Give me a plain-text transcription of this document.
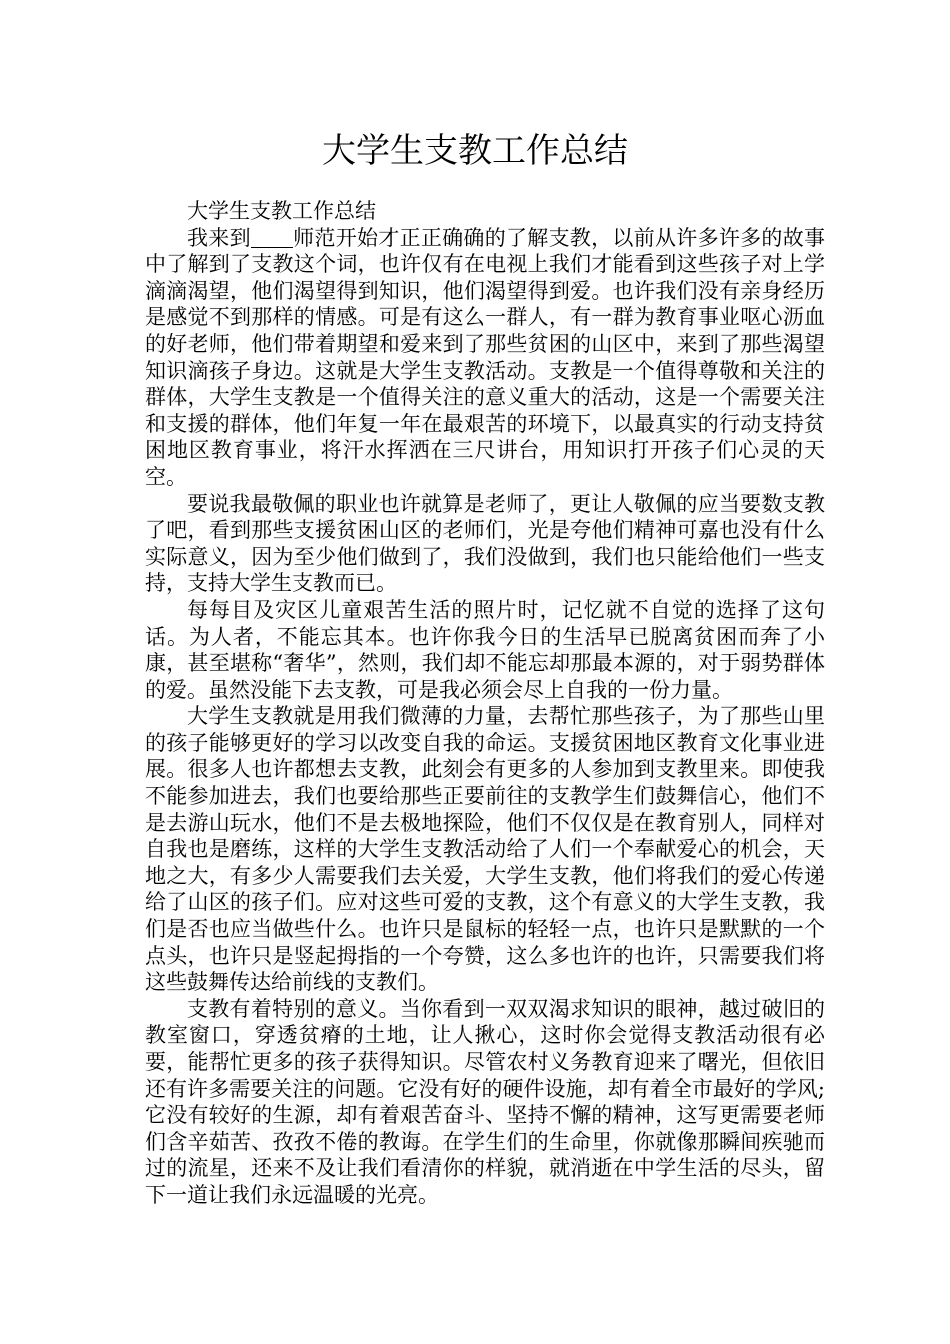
大学生支教工作总结

大学生支教工作总结

我来到 师范开始才正正确确的了解支教，以前从许多许多的故事中了解到了支教这个词，也许仅有在电视上我们才能看到这些孩子对上学滴滴渴望，他们渴望得到知识，他们渴望得到爱。也许我们没有亲身经历是感觉不到那样的情感。可是有这么一群人，有一群为教育事业呕心沥血的好老师，他们带着期望和爱来到了那些贫困的山区中，来到了那些渴望知识滴孩子身边。这就是大学生支教活动。支教是一个值得尊敬和关注的群体，大学生支教是一个值得关注的意义重大的活动，这是一个需要关注和支援的群体，他们年复一年在最艰苦的环境下，以最真实的行动支持贫困地区教育事业，将汗水挥洒在三尺讲台，用知识打开孩子们心灵的天空。

要说我最敬佩的职业也许就算是老师了，更让人敬佩的应当要数支教了吧，看到那些支援贫困山区的老师们，光是夸他们精神可嘉也没有什么实际意义，因为至少他们做到了，我们没做到，我们也只能给他们一些支持，支持大学生支教而已。

每每目及灾区儿童艰苦生活的照片时，记忆就不自觉的选择了这句话。为人者，不能忘其本。也许你我今日的生活早已脱离贫困而奔了小康，甚至堪称“奢华”，然则，我们却不能忘却那最本源的，对于弱势群体的爱。虽然没能下去支教，可是我必须会尽上自我的一份力量。

大学生支教就是用我们微薄的力量，去帮忙那些孩子，为了那些山里的孩子能够更好的学习以改变自我的命运。支援贫困地区教育文化事业进展。很多人也许都想去支教，此刻会有更多的人参加到支教里来。即使我不能参加进去，我们也要给那些正要前往的支教学生们鼓舞信心，他们不是去游山玩水，他们不是去极地探险，他们不仅仅是在教育别人，同样对自我也是磨练，这样的大学生支教活动给了人们一个奉献爱心的机会，天地之大，有多少人需要我们去关爱，大学生支教，他们将我们的爱心传递给了山区的孩子们。应对这些可爱的支教，这个有意义的大学生支教，我们是否也应当做些什么。也许只是鼠标的轻轻一点，也许只是默默的一个点头，也许只是竖起拇指的一个夸赞，这么多也许的也许，只需要我们将这些鼓舞传达给前线的支教们。

支教有着特别的意义。当你看到一双双渴求知识的眼神，越过破旧的教室窗口，穿透贫瘠的土地，让人揪心，这时你会觉得支教活动很有必要，能帮忙更多的孩子获得知识。尽管农村义务教育迎来了曙光，但依旧还有许多需要关注的问题。它没有好的硬件设施，却有着全市最好的学风;它没有较好的生源，却有着艰苦奋斗、坚持不懈的精神，这写更需要老师们含辛茹苦、孜孜不倦的教诲。在学生们的生命里，你就像那瞬间疾驰而过的流星，还来不及让我们看清你的样貌，就消逝在中学生活的尽头，留下一道让我们永远温暖的光亮。
